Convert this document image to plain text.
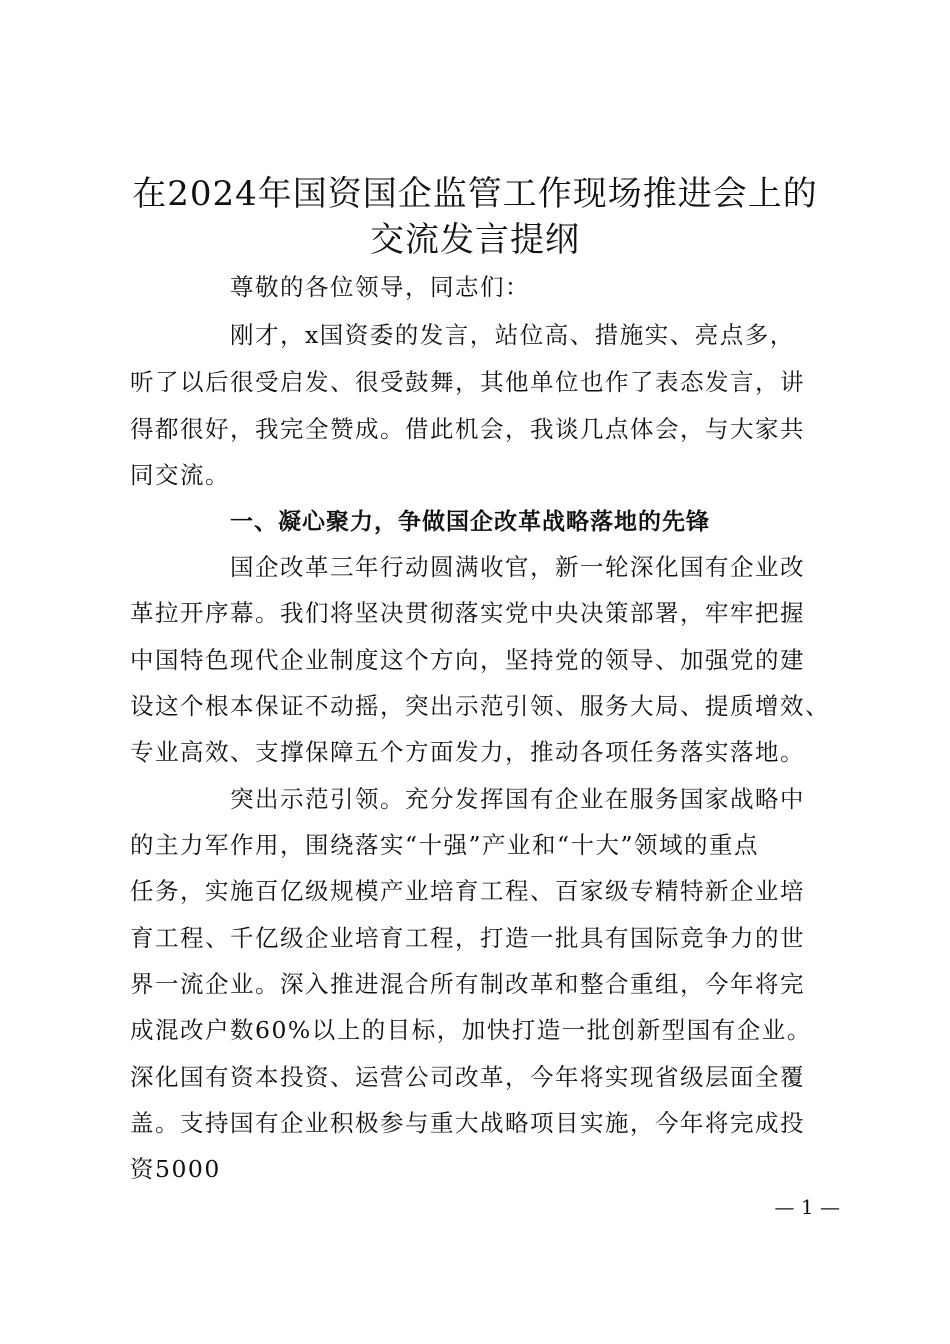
在2024年国资国企监管工作现场推进会上的
交流发言提纲
尊敬的各位领导，同志们：
刚才，x国资委的发言，站位高、措施实、亮点多，
听了以后很受启发、很受鼓舞，其他单位也作了表态发言，讲
得都很好，我完全赞成。借此机会，我谈几点体会，与大家共
同交流。
一、凝心聚力，争做国企改革战略落地的先锋
国企改革三年行动圆满收官，新一轮深化国有企业改
革拉开序幕。我们将坚决贯彻落实党中央决策部署，牢牢把握
中国特色现代企业制度这个方向，坚持党的领导、加强党的建
设这个根本保证不动摇，突出示范引领、服务大局、提质增效、
专业高效、支撑保障五个方面发力，推动各项任务落实落地。
突出示范引领。充分发挥国有企业在服务国家战略中
的主力军作用，围绕落实“十强”产业和“十大”领域的重点
任务，实施百亿级规模产业培育工程、百家级专精特新企业培
育工程、千亿级企业培育工程，打造一批具有国际竞争力的世
界一流企业。深入推进混合所有制改革和整合重组，今年将完
成混改户数60%以上的目标，加快打造一批创新型国有企业。
深化国有资本投资、运营公司改革，今年将实现省级层面全覆
盖。支持国有企业积极参与重大战略项目实施，今年将完成投
资5000
— 1 —
